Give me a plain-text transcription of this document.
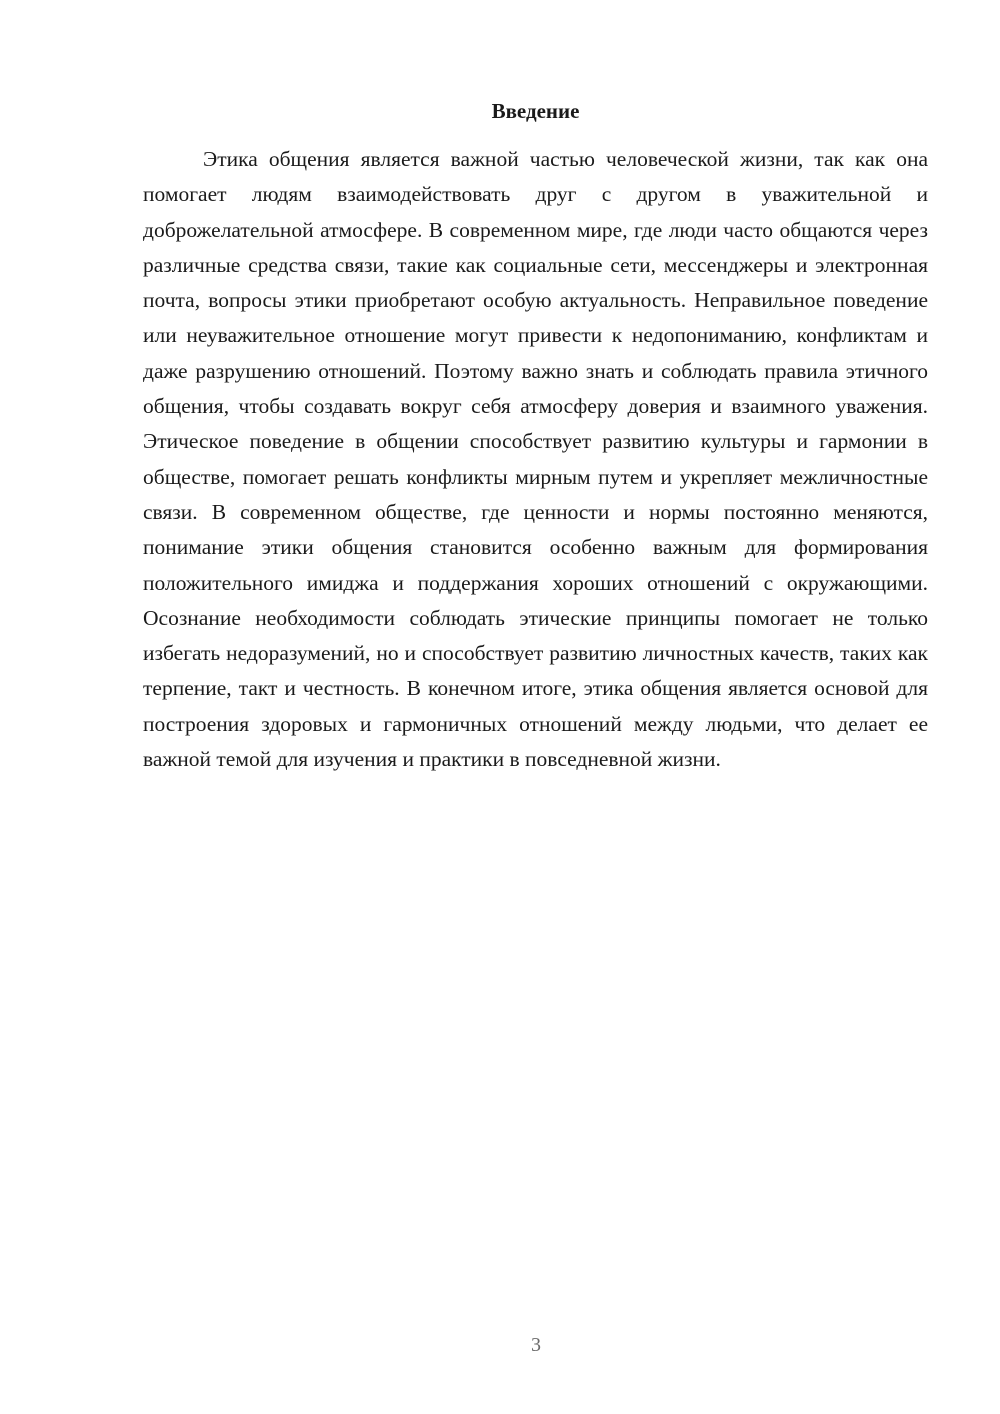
Введение

Этика общения является важной частью человеческой жизни, так как она помогает людям взаимодействовать друг с другом в уважительной и доброжелательной атмосфере. В современном мире, где люди часто общаются через различные средства связи, такие как социальные сети, мессенджеры и электронная почта, вопросы этики приобретают особую актуальность. Неправильное поведение или неуважительное отношение могут привести к недопониманию, конфликтам и даже разрушению отношений. Поэтому важно знать и соблюдать правила этичного общения, чтобы создавать вокруг себя атмосферу доверия и взаимного уважения. Этическое поведение в общении способствует развитию культуры и гармонии в обществе, помогает решать конфликты мирным путем и укрепляет межличностные связи. В современном обществе, где ценности и нормы постоянно меняются, понимание этики общения становится особенно важным для формирования положительного имиджа и поддержания хороших отношений с окружающими. Осознание необходимости соблюдать этические принципы помогает не только избегать недоразумений, но и способствует развитию личностных качеств, таких как терпение, такт и честность. В конечном итоге, этика общения является основой для построения здоровых и гармоничных отношений между людьми, что делает ее важной темой для изучения и практики в повседневной жизни.

3
